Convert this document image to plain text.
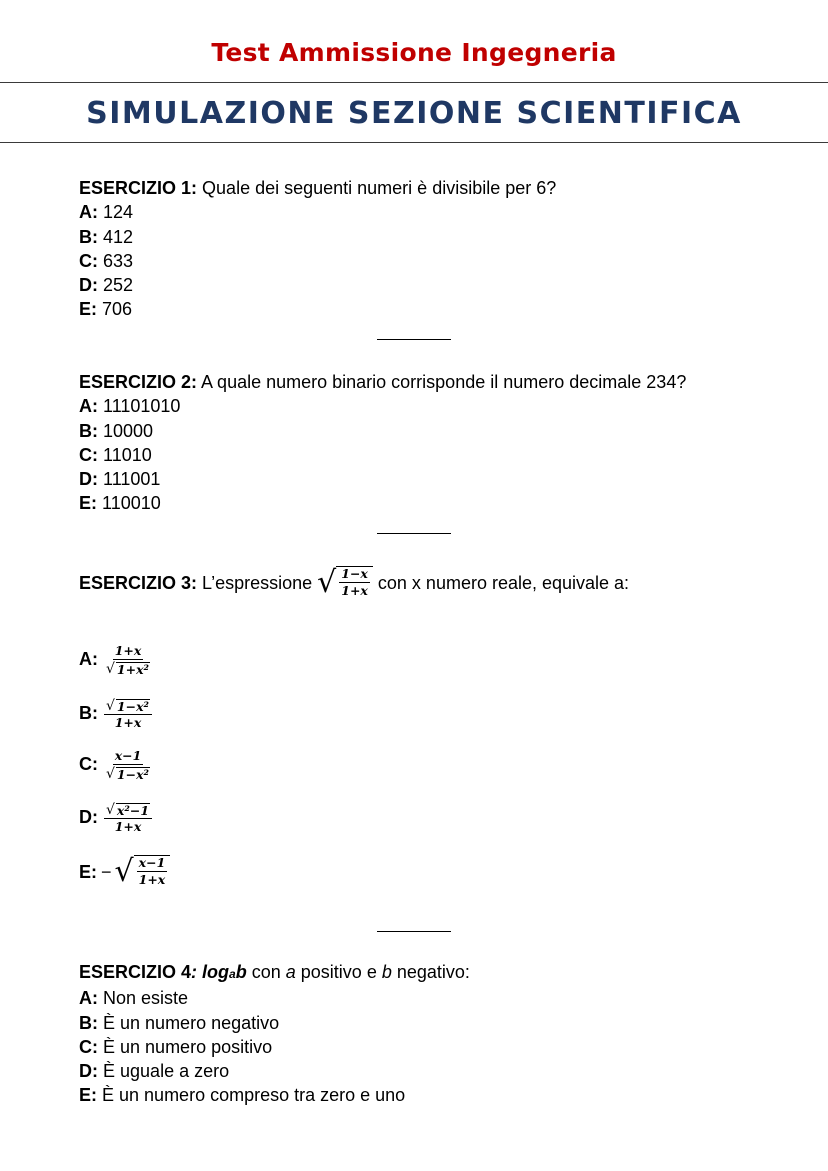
Test Ammissione Ingegneria
SIMULAZIONE SEZIONE SCIENTIFICA
ESERCIZIO 1: Quale dei seguenti numeri è divisibile per 6?
A: 124
B: 412
C: 633
D: 252
E: 706
ESERCIZIO 2: A quale numero binario corrisponde il numero decimale 234?
A: 11101010
B: 10000
C: 11010
D: 111001
E: 110010
ESERCIZIO 3:
L’espressione
√ $\frac{1-x}{1+x}$
con x numero reale, equivale a:
A: $\frac{1+x}{\text{√ 1+x²}}$
B: $\frac{\text{√ 1−x²}}{1+x}$
C: $\frac{x-1}{\text{√ 1−x²}}$
D: $\frac{\text{√ x²−1}}{1+x}$
E: − √ $\frac{x-1}{1+x}$
ESERCIZIO 4: logab con a positivo e b negativo:
A: Non esiste
B: È un numero negativo
C: È un numero positivo
D: È uguale a zero
E: È un numero compreso tra zero e uno
